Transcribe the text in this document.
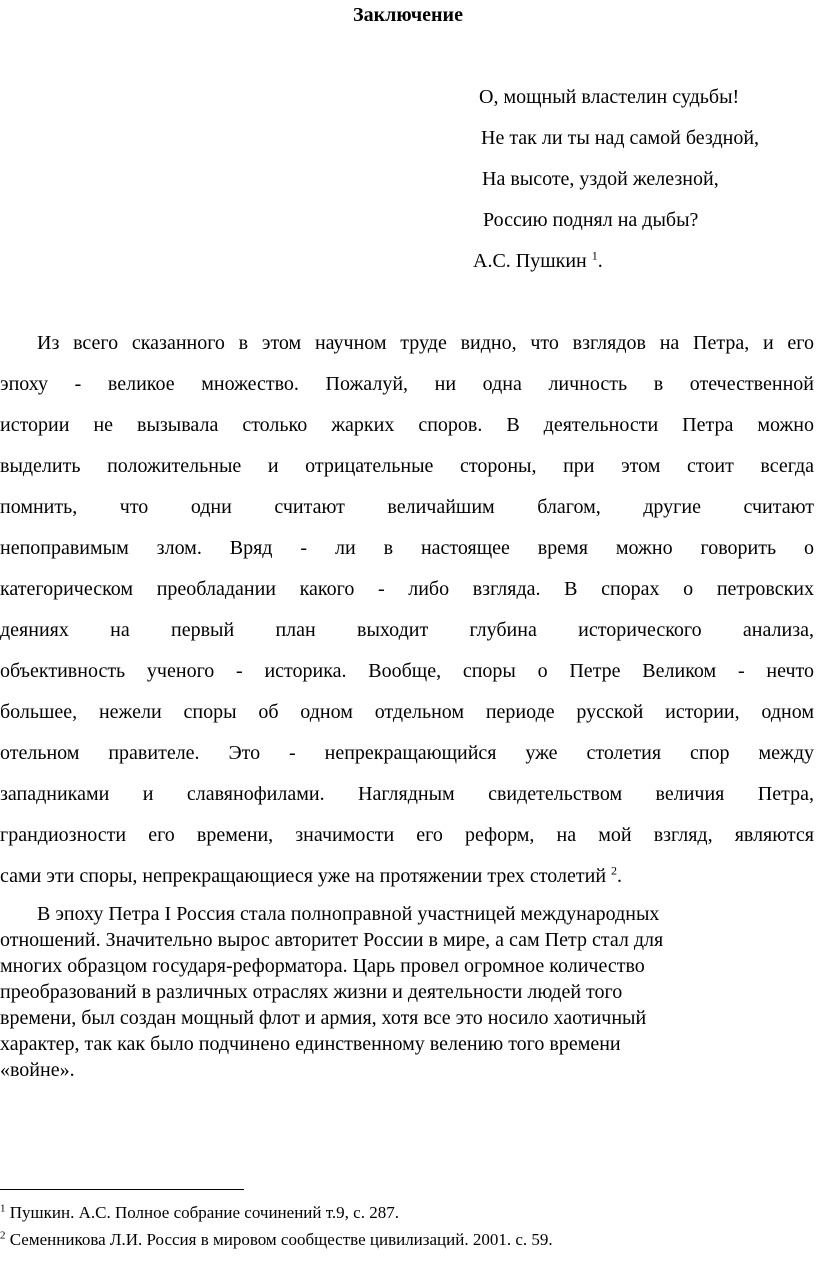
Заключение
О, мощный властелин судьбы!
Не так ли ты над самой бездной,
На высоте, уздой железной,
Россию поднял на дыбы?
А.С. Пушкин $^1$.
Из всего сказанного в этом научном труде видно, что взглядов на Петра, и его
эпоху - великое множество. Пожалуй, ни одна личность в отечественной
истории не вызывала столько жарких споров. В деятельности Петра можно
выделить положительные и отрицательные стороны, при этом стоит всегда
помнить, что одни считают величайшим благом, другие считают
непоправимым злом. Вряд - ли в настоящее время можно говорить о
категорическом преобладании какого - либо взгляда. В спорах о петровских
деяниях на первый план выходит глубина исторического анализа,
объективность ученого - историка. Вообще, споры о Петре Великом - нечто
большее, нежели споры об одном отдельном периоде русской истории, одном
отельном правителе. Это - непрекращающийся уже столетия спор между
западниками и славянофилами. Наглядным свидетельством величия Петра,
грандиозности его времени, значимости его реформ, на мой взгляд, являются
сами эти споры, непрекращающиеся уже на протяжении трех столетий $^2$.
В эпоху Петра I Россия стала полноправной участницей международных
отношений. Значительно вырос авторитет России в мире, а сам Петр стал для
многих образцом государя-реформатора. Царь провел огромное количество
преобразований в различных отраслях жизни и деятельности людей того
времени, был создан мощный флот и армия, хотя все это носило хаотичный
характер, так как было подчинено единственному велению того времени
«войне».
$^1$ Пушкин. А.С. Полное собрание сочинений т.9, с. 287.
$^2$ Семенникова Л.И. Россия в мировом сообществе цивилизаций. 2001. с. 59.
